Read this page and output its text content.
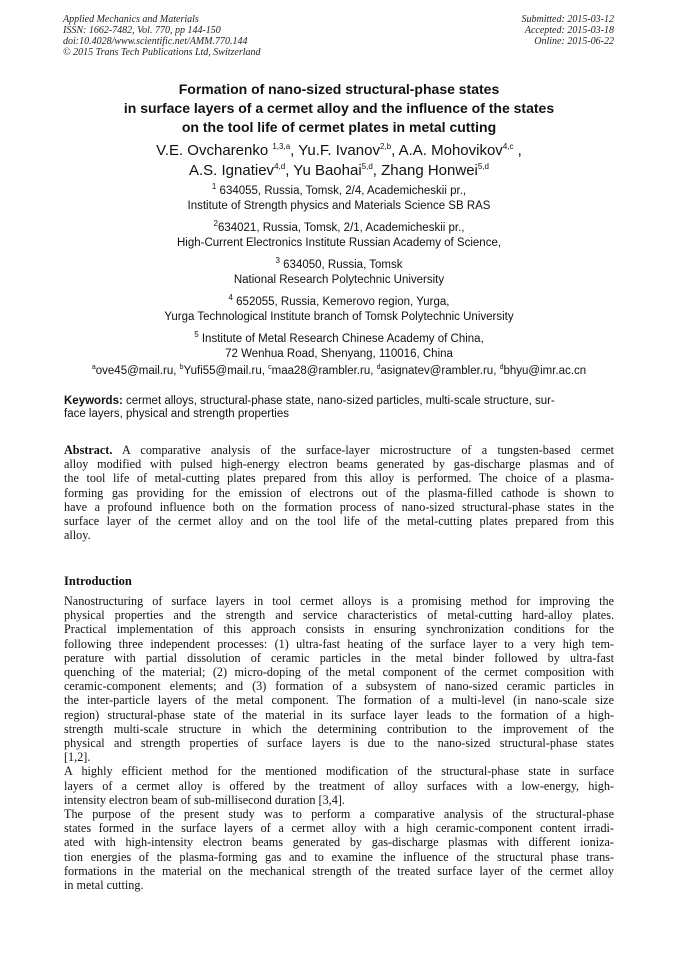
Applied Mechanics and Materials
ISSN: 1662-7482, Vol. 770, pp 144-150
doi:10.4028/www.scientific.net/AMM.770.144
© 2015 Trans Tech Publications Ltd, Switzerland
Submitted: 2015-03-12
Accepted: 2015-03-18
Online: 2015-06-22
Formation of nano-sized structural-phase states
in surface layers of a cermet alloy and the influence of the states
on the tool life of cermet plates in metal cutting
V.E. Ovcharenko $^{1,3,a}$, Yu.F. Ivanov$^{2,b}$, A.A. Mohovikov$^{4,c}$ ,
A.S. Ignatiev$^{4,d}$, Yu Baohai$^{5,d}$, Zhang Honwei$^{5,d}$
$^1$ 634055, Russia, Tomsk, 2/4, Academicheskii pr.,
Institute of Strength physics and Materials Science SB RAS
$^2$634021, Russia, Tomsk, 2/1, Academicheskii pr.,
High-Current Electronics Institute Russian Academy of Science,
$^3$ 634050, Russia, Tomsk
National Research Polytechnic University
$^4$ 652055, Russia, Kemerovo region, Yurga,
Yurga Technological Institute branch of Tomsk Polytechnic University
$^5$ Institute of Metal Research Chinese Academy of China,
72 Wenhua Road, Shenyang, 110016, China
$^a$ove45@mail.ru, $^b$Yufi55@mail.ru, $^c$maa28@rambler.ru, $^d$asignatev@rambler.ru, $^d$bhyu@imr.ac.cn
Keywords: cermet alloys, structural-phase state, nano-sized particles, multi-scale structure, sur-
face layers, physical and strength properties
Abstract. A comparative analysis of the surface-layer microstructure of a tungsten-based cermet
alloy modified with pulsed high-energy electron beams generated by gas-discharge plasmas and of
the tool life of metal-cutting plates prepared from this alloy is performed. The choice of a plasma-
forming gas providing for the emission of electrons out of the plasma-filled cathode is shown to
have a profound influence both on the formation process of nano-sized structural-phase states in the
surface layer of the cermet alloy and on the tool life of the metal-cutting plates prepared from this
alloy.
Introduction
Nanostructuring of surface layers in tool cermet alloys is a promising method for improving the
physical properties and the strength and service characteristics of metal-cutting hard-alloy plates.
Practical implementation of this approach consists in ensuring synchronization conditions for the
following three independent processes: (1) ultra-fast heating of the surface layer to a very high tem-
perature with partial dissolution of ceramic particles in the metal binder followed by ultra-fast
quenching of the material; (2) micro-doping of the metal component of the cermet composition with
ceramic-component elements; and (3) formation of a subsystem of nano-sized ceramic particles in
the inter-particle layers of the metal component. The formation of a multi-level (in nano-scale size
region) structural-phase state of the material in its surface layer leads to the formation of a high-
strength multi-scale structure in which the determining contribution to the improvement of the
physical and strength properties of surface layers is due to the nano-sized structural-phase states
[1,2].
A highly efficient method for the mentioned modification of the structural-phase state in surface
layers of a cermet alloy is offered by the treatment of alloy surfaces with a low-energy, high-
intensity electron beam of sub-millisecond duration [3,4].
The purpose of the present study was to perform a comparative analysis of the structural-phase
states formed in the surface layers of a cermet alloy with a high ceramic-component content irradi-
ated with high-intensity electron beams generated by gas-discharge plasmas with different ioniza-
tion energies of the plasma-forming gas and to examine the influence of the structural phase trans-
formations in the material on the mechanical strength of the treated surface layer of the cermet alloy
in metal cutting.
